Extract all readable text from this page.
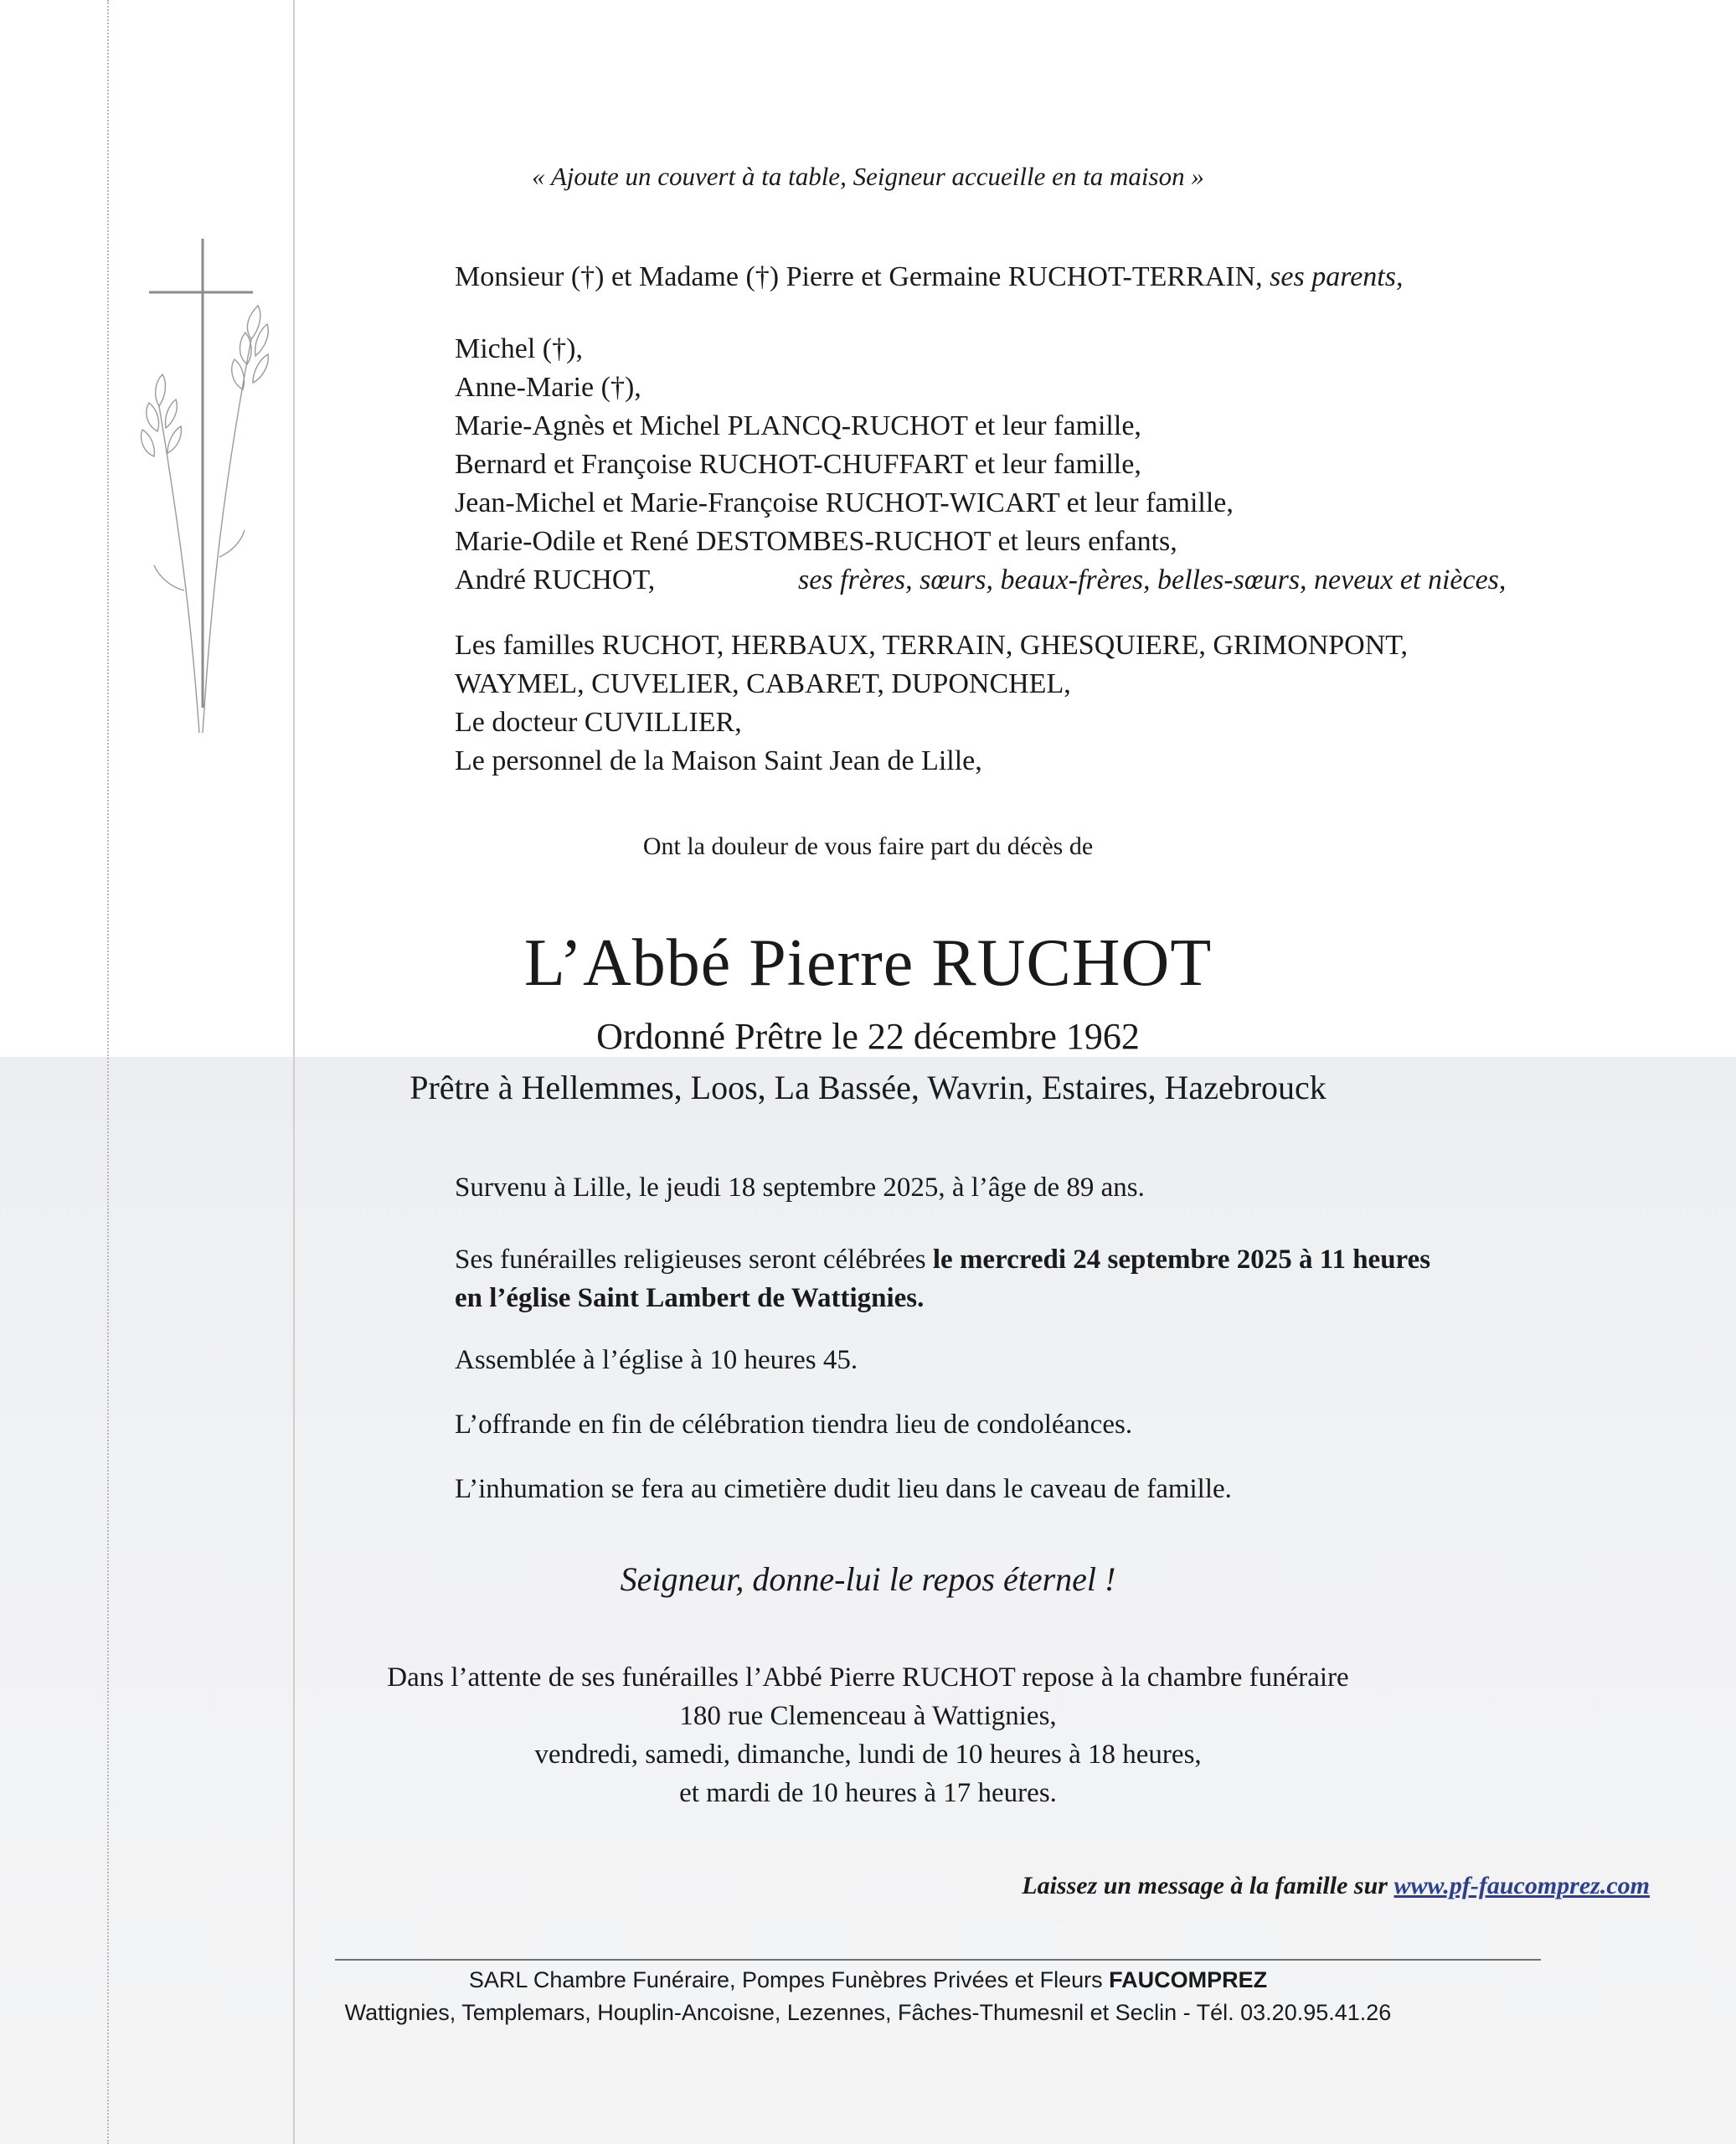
« Ajoute un couvert à ta table, Seigneur accueille en ta maison »
Monsieur (†) et Madame (†) Pierre et Germaine RUCHOT-TERRAIN, ses parents,
Michel (†),
Anne-Marie (†),
Marie-Agnès et Michel PLANCQ-RUCHOT et leur famille,
Bernard et Françoise RUCHOT-CHUFFART et leur famille,
Jean-Michel et Marie-Françoise RUCHOT-WICART et leur famille,
Marie-Odile et René DESTOMBES-RUCHOT et leurs enfants,
André RUCHOT,	ses frères, sœurs, beaux-frères, belles-sœurs, neveux et nièces,
Les familles RUCHOT, HERBAUX, TERRAIN, GHESQUIERE, GRIMONPONT,
WAYMEL, CUVELIER, CABARET, DUPONCHEL,
Le docteur CUVILLIER,
Le personnel de la Maison Saint Jean de Lille,
Ont la douleur de vous faire part du décès de
L’Abbé Pierre RUCHOT
Ordonné Prêtre le 22 décembre 1962
Prêtre à Hellemmes, Loos, La Bassée, Wavrin, Estaires, Hazebrouck
Survenu à Lille, le jeudi 18 septembre 2025, à l’âge de 89 ans.
Ses funérailles religieuses seront célébrées le mercredi 24 septembre 2025 à 11 heures
en l’église Saint Lambert de Wattignies.
Assemblée à l’église à 10 heures 45.
L’offrande en fin de célébration tiendra lieu de condoléances.
L’inhumation se fera au cimetière dudit lieu dans le caveau de famille.
Seigneur, donne-lui le repos éternel !
Dans l’attente de ses funérailles l’Abbé Pierre RUCHOT repose à la chambre funéraire
180 rue Clemenceau à Wattignies,
vendredi, samedi, dimanche, lundi de 10 heures à 18 heures,
et mardi de 10 heures à 17 heures.
Laissez un message à la famille sur www.pf-faucomprez.com
SARL Chambre Funéraire, Pompes Funèbres Privées et Fleurs FAUCOMPREZ
Wattignies, Templemars, Houplin-Ancoisne, Lezennes, Fâches-Thumesnil et Seclin - Tél. 03.20.95.41.26
